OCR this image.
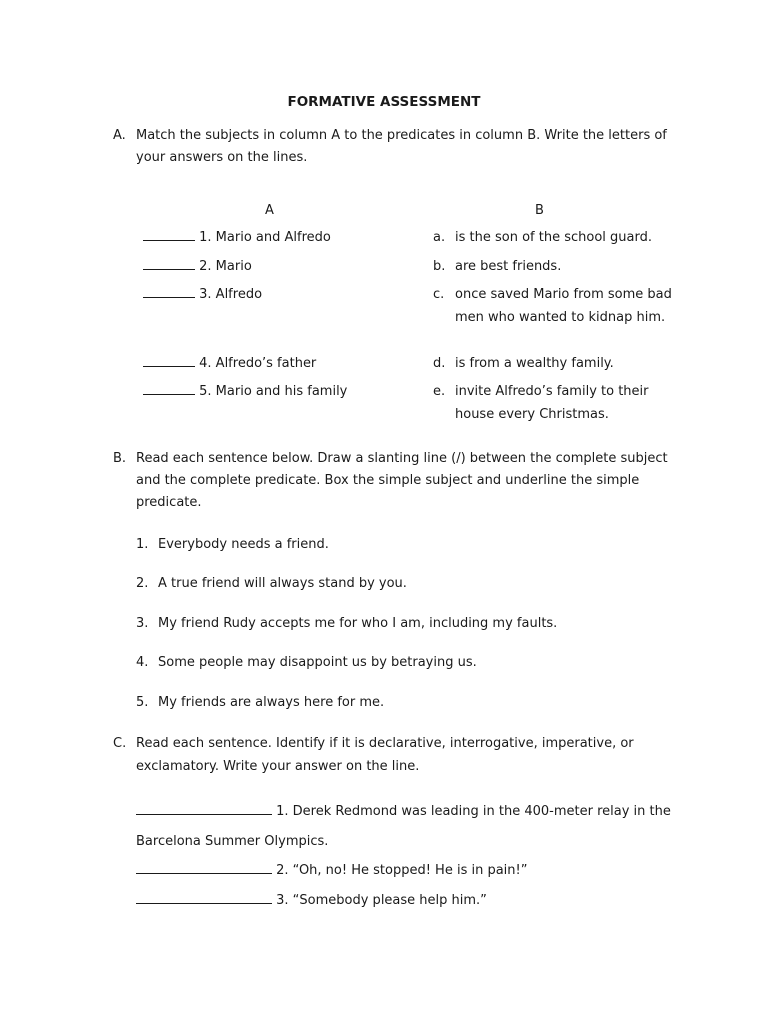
FORMATIVE ASSESSMENT
A. Match the subjects in column A to the predicates in column B. Write the letters of
your answers on the lines.
A	B
1. Mario and Alfredo
2. Mario
3. Alfredo
4. Alfredo’s father
5. Mario and his family
a. is the son of the school guard.
b. are best friends.
c. once saved Mario from some bad
men who wanted to kidnap him.
d. is from a wealthy family.
e. invite Alfredo’s family to their
house every Christmas.
B. Read each sentence below. Draw a slanting line (/) between the complete subject
and the complete predicate. Box the simple subject and underline the simple
predicate.
1. Everybody needs a friend.
2. A true friend will always stand by you.
3. My friend Rudy accepts me for who I am, including my faults.
4. Some people may disappoint us by betraying us.
5. My friends are always here for me.
C. Read each sentence. Identify if it is declarative, interrogative, imperative, or
exclamatory. Write your answer on the line.
1. Derek Redmond was leading in the 400-meter relay in the
Barcelona Summer Olympics.
2. “Oh, no! He stopped! He is in pain!”
3. “Somebody please help him.”
